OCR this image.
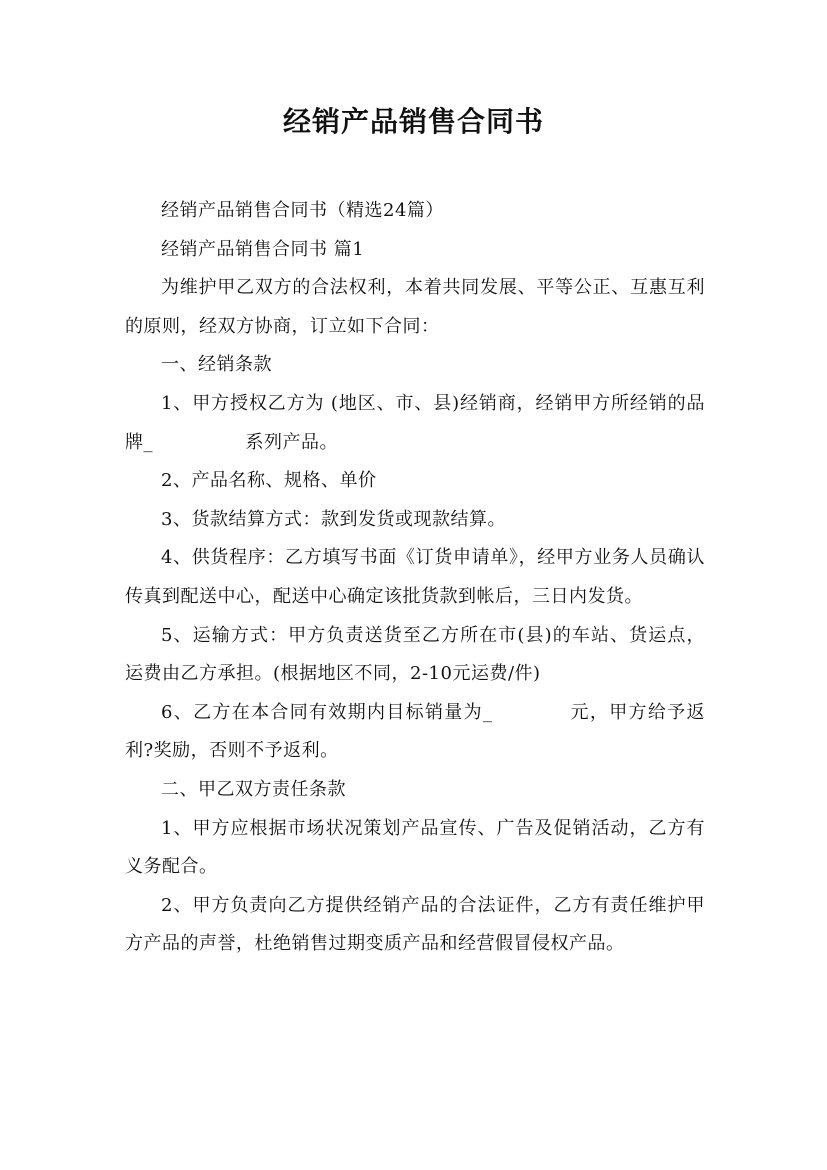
经销产品销售合同书

经销产品销售合同书（精选24篇）

经销产品销售合同书 篇1

为维护甲乙双方的合法权利，本着共同发展、平等公正、互惠互利的原则，经双方协商，订立如下合同：

一、经销条款

1、甲方授权乙方为 (地区、市、县)经销商，经销甲方所经销的品牌_　　　　　系列产品。

2、产品名称、规格、单价

3、货款结算方式：款到发货或现款结算。

4、供货程序：乙方填写书面《订货申请单》，经甲方业务人员确认传真到配送中心，配送中心确定该批货款到帐后，三日内发货。

5、运输方式：甲方负责送货至乙方所在市(县)的车站、货运点，运费由乙方承担。(根据地区不同，2-10元运费/件)

6、乙方在本合同有效期内目标销量为_　　　　元，甲方给予返利?奖励，否则不予返利。

二、甲乙双方责任条款

1、甲方应根据市场状况策划产品宣传、广告及促销活动，乙方有义务配合。

2、甲方负责向乙方提供经销产品的合法证件，乙方有责任维护甲方产品的声誉，杜绝销售过期变质产品和经营假冒侵权产品。
